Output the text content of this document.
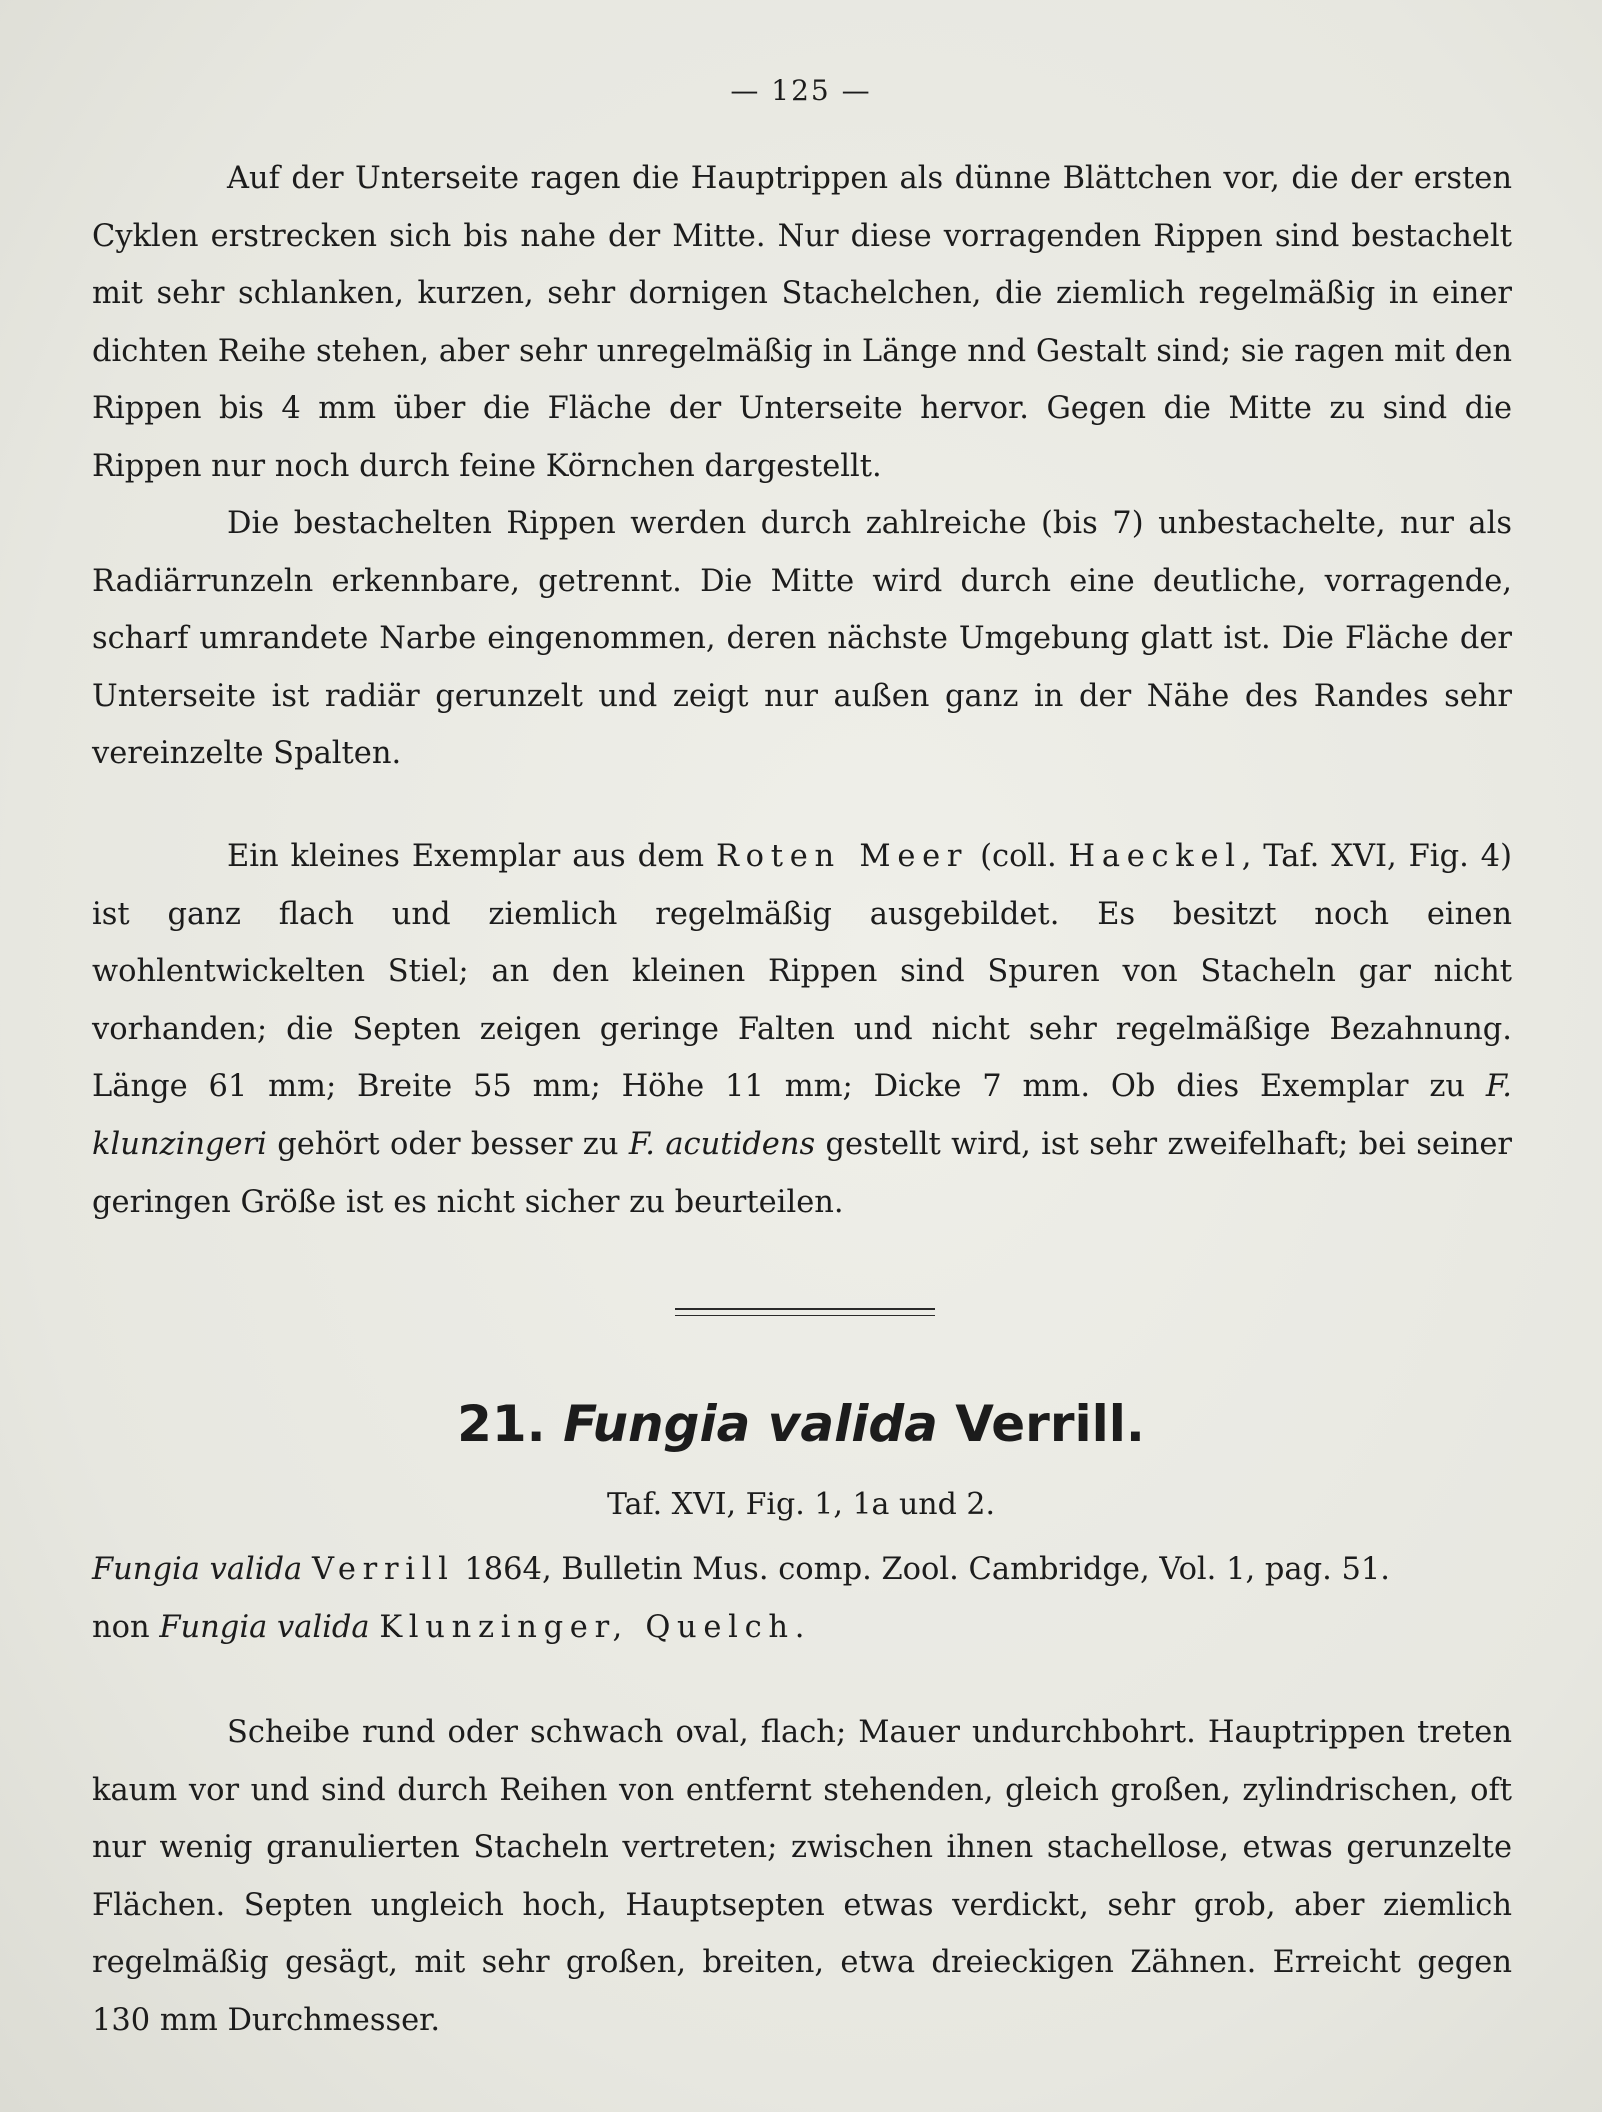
— 125 —
Auf der Unterseite ragen die Hauptrippen als dünne Blättchen vor, die der ersten Cyklen erstrecken sich bis nahe der Mitte. Nur diese vorragenden Rippen sind bestachelt mit sehr schlanken, kurzen, sehr dornigen Stachelchen, die ziemlich regelmäßig in einer dichten Reihe stehen, aber sehr unregelmäßig in Länge nnd Gestalt sind; sie ragen mit den Rippen bis 4 mm über die Fläche der Unterseite hervor. Gegen die Mitte zu sind die Rippen nur noch durch feine Körnchen dargestellt.
Die bestachelten Rippen werden durch zahlreiche (bis 7) unbestachelte, nur als Radiärrunzeln erkennbare, getrennt. Die Mitte wird durch eine deutliche, vorragende, scharf umrandete Narbe eingenommen, deren nächste Umgebung glatt ist. Die Fläche der Unterseite ist radiär gerunzelt und zeigt nur außen ganz in der Nähe des Randes sehr vereinzelte Spalten.
Ein kleines Exemplar aus dem Roten Meer (coll. Haeckel, Taf. XVI, Fig. 4) ist ganz flach und ziemlich regelmäßig ausgebildet. Es besitzt noch einen wohlentwickelten Stiel; an den kleinen Rippen sind Spuren von Stacheln gar nicht vorhanden; die Septen zeigen geringe Falten und nicht sehr regelmäßige Bezahnung. Länge 61 mm; Breite 55 mm; Höhe 11 mm; Dicke 7 mm. Ob dies Exemplar zu F. klunzingeri gehört oder besser zu F. acutidens gestellt wird, ist sehr zweifelhaft; bei seiner geringen Größe ist es nicht sicher zu beurteilen.
21. Fungia valida Verrill.
Taf. XVI, Fig. 1, 1a und 2.
Fungia valida Verrill 1864, Bulletin Mus. comp. Zool. Cambridge, Vol. 1, pag. 51.
non Fungia valida Klunzinger, Quelch.
Scheibe rund oder schwach oval, flach; Mauer undurchbohrt. Hauptrippen treten kaum vor und sind durch Reihen von entfernt stehenden, gleich großen, zylindrischen, oft nur wenig granulierten Stacheln vertreten; zwischen ihnen stachellose, etwas gerunzelte Flächen. Septen ungleich hoch, Hauptsepten etwas verdickt, sehr grob, aber ziemlich regelmäßig gesägt, mit sehr großen, breiten, etwa dreieckigen Zähnen. Erreicht gegen 130 mm Durchmesser.
